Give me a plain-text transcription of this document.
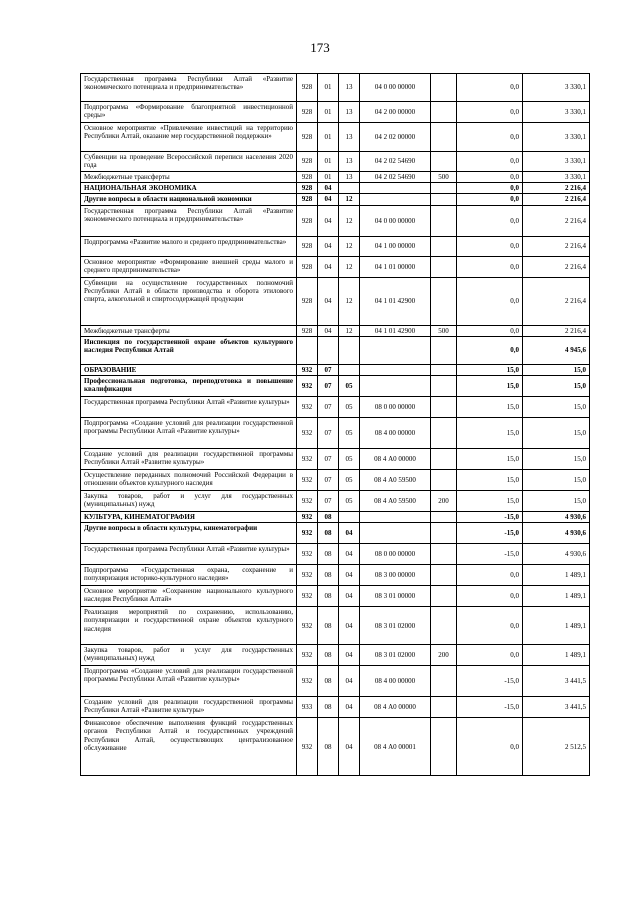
173
Государственная программа Республики Алтай «Развитие экономического потенциала и предпринимательства»	928	01	13	04 0 00 00000		0,0	3 330,1
Подпрограмма «Формирование благоприятной инвестиционной среды»	928	01	13	04 2 00 00000		0,0	3 330,1
Основное мероприятие «Привлечение инвестиций на территорию Республики Алтай, оказание мер государственной поддержки»	928	01	13	04 2 02 00000		0,0	3 330,1
Субвенции на проведение Всероссийской переписи населения 2020 года	928	01	13	04 2 02 54690		0,0	3 330,1
Межбюджетные трансферты	928	01	13	04 2 02 54690	500	0,0	3 330,1
НАЦИОНАЛЬНАЯ ЭКОНОМИКА	928	04				0,0	2 216,4
Другие вопросы в области национальной экономики	928	04	12			0,0	2 216,4
Государственная программа Республики Алтай «Развитие экономического потенциала и предпринимательства»	928	04	12	04 0 00 00000		0,0	2 216,4
Подпрограмма «Развитие малого и среднего предпринимательства»	928	04	12	04 1 00 00000		0,0	2 216,4
Основное мероприятие «Формирование внешней среды малого и среднего предпринимательства»	928	04	12	04 1 01 00000		0,0	2 216,4
Субвенции на осуществление государственных полномочий Республики Алтай в области производства и оборота этилового спирта, алкогольной и спиртосодержащей продукции	928	04	12	04 1 01 42900		0,0	2 216,4
Межбюджетные трансферты	928	04	12	04 1 01 42900	500	0,0	2 216,4
Инспекция по государственной охране объектов культурного наследия Республики Алтай						0,0	4 945,6
ОБРАЗОВАНИЕ	932	07				15,0	15,0
Профессиональная подготовка, переподготовка и повышение квалификации	932	07	05			15,0	15,0
Государственная программа Республики Алтай «Развитие культуры»	932	07	05	08 0 00 00000		15,0	15,0
Подпрограмма «Создание условий для реализации государственной программы Республики Алтай «Развитие культуры»	932	07	05	08 4 00 00000		15,0	15,0
Создание условий для реализации государственной программы Республики Алтай «Развитие культуры»	932	07	05	08 4 А0 00000		15,0	15,0
Осуществление переданных полномочий Российской Федерации в отношении объектов культурного наследия	932	07	05	08 4 А0 59500		15,0	15,0
Закупка товаров, работ и услуг для государственных (муниципальных) нужд	932	07	05	08 4 А0 59500	200	15,0	15,0
КУЛЬТУРА, КИНЕМАТОГРАФИЯ	932	08				-15,0	4 930,6
Другие вопросы в области культуры, кинематографии	932	08	04			-15,0	4 930,6
Государственная программа Республики Алтай «Развитие культуры»	932	08	04	08 0 00 00000		-15,0	4 930,6
Подпрограмма «Государственная охрана, сохранение и популяризация историко-культурного наследия»	932	08	04	08 3 00 00000		0,0	1 489,1
Основное мероприятие «Сохранение национального культурного наследия Республики Алтай»	932	08	04	08 3 01 00000		0,0	1 489,1
Реализация мероприятий по сохранению, использованию, популяризации и государственной охране объектов культурного наследия	932	08	04	08 3 01 02000		0,0	1 489,1
Закупка товаров, работ и услуг для государственных (муниципальных) нужд	932	08	04	08 3 01 02000	200	0,0	1 489,1
Подпрограмма «Создание условий для реализации государственной программы Республики Алтай «Развитие культуры»	932	08	04	08 4 00 00000		-15,0	3 441,5
Создание условий для реализации государственной программы Республики Алтай «Развитие культуры»	933	08	04	08 4 А0 00000		-15,0	3 441,5
Финансовое обеспечение выполнения функций государственных органов Республики Алтай и государственных учреждений Республики Алтай, осуществляющих централизованное обслуживание	932	08	04	08 4 А0 00001		0,0	2 512,5
